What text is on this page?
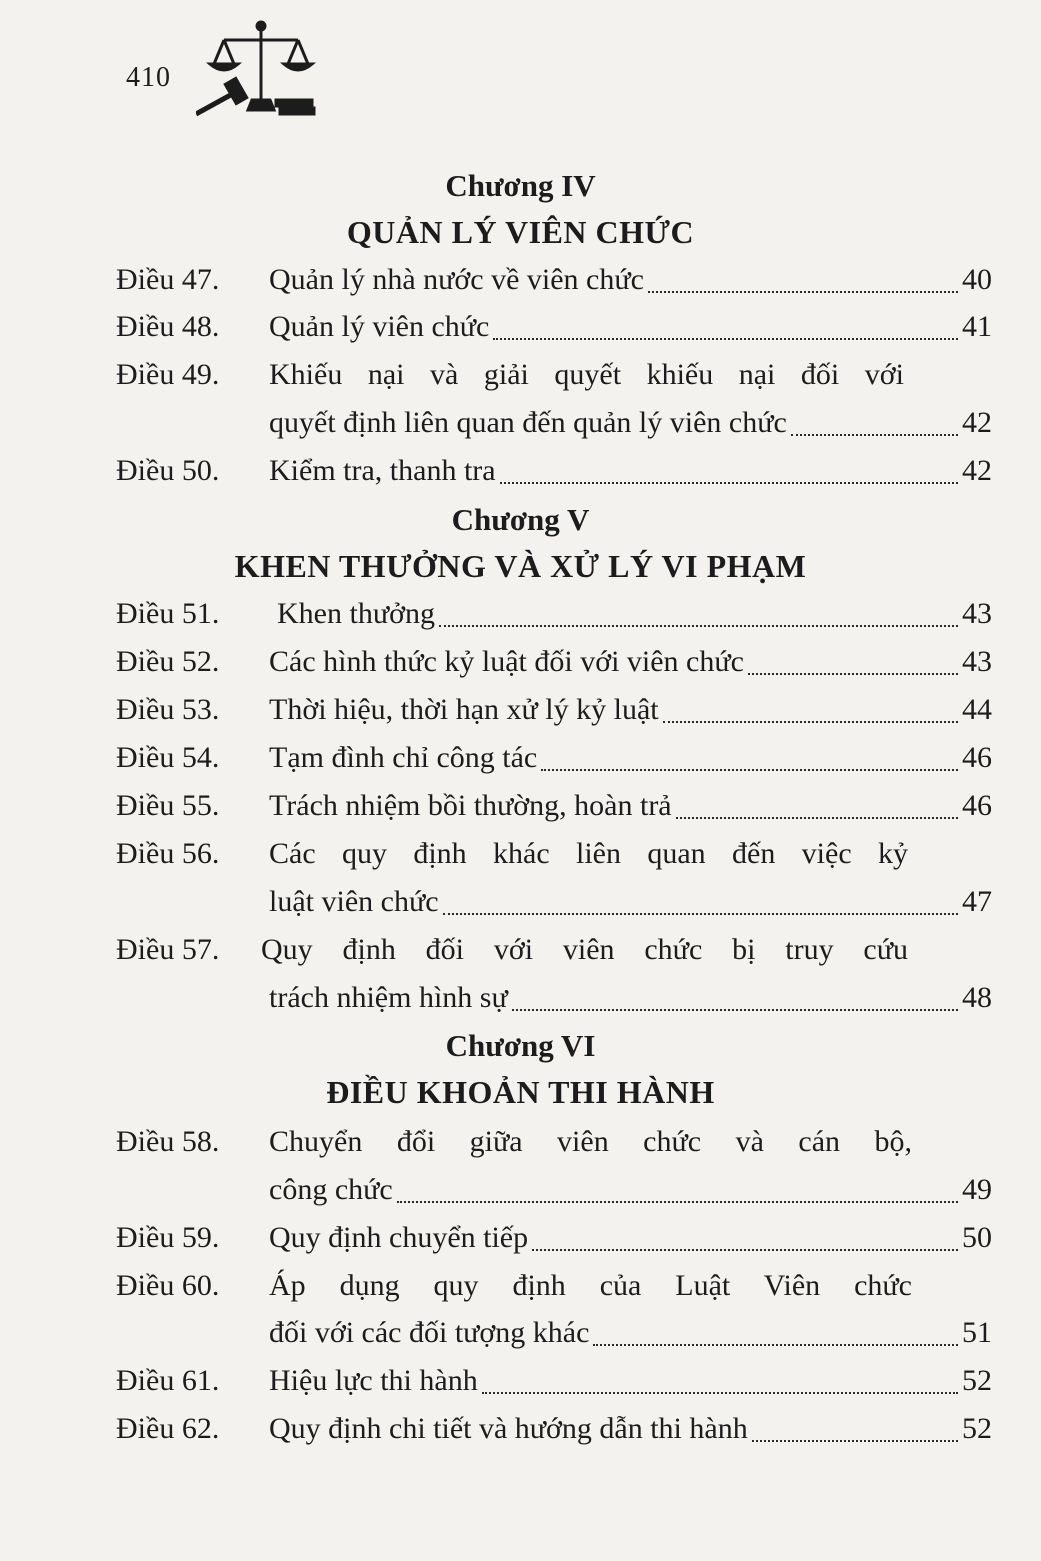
410
Chương IV
QUẢN LÝ VIÊN CHỨC
Điều 47. Quản lý nhà nước về viên chức	40
Điều 48. Quản lý viên chức	41
Điều 49. Khiếu nại và giải quyết khiếu nại đối với
quyết định liên quan đến quản lý viên chức	42
Điều 50. Kiểm tra, thanh tra	42
Chương V
KHEN THƯỞNG VÀ XỬ LÝ VI PHẠM
Điều 51. Khen thưởng	43
Điều 52. Các hình thức kỷ luật đối với viên chức	43
Điều 53. Thời hiệu, thời hạn xử lý kỷ luật	44
Điều 54. Tạm đình chỉ công tác	46
Điều 55. Trách nhiệm bồi thường, hoàn trả	46
Điều 56. Các quy định khác liên quan đến việc kỷ
luật viên chức	47
Điều 57. Quy định đối với viên chức bị truy cứu
trách nhiệm hình sự	48
Chương VI
ĐIỀU KHOẢN THI HÀNH
Điều 58. Chuyển đổi giữa viên chức và cán bộ,
công chức	49
Điều 59. Quy định chuyển tiếp	50
Điều 60. Áp dụng quy định của Luật Viên chức
đối với các đối tượng khác	51
Điều 61. Hiệu lực thi hành	52
Điều 62. Quy định chi tiết và hướng dẫn thi hành	52
